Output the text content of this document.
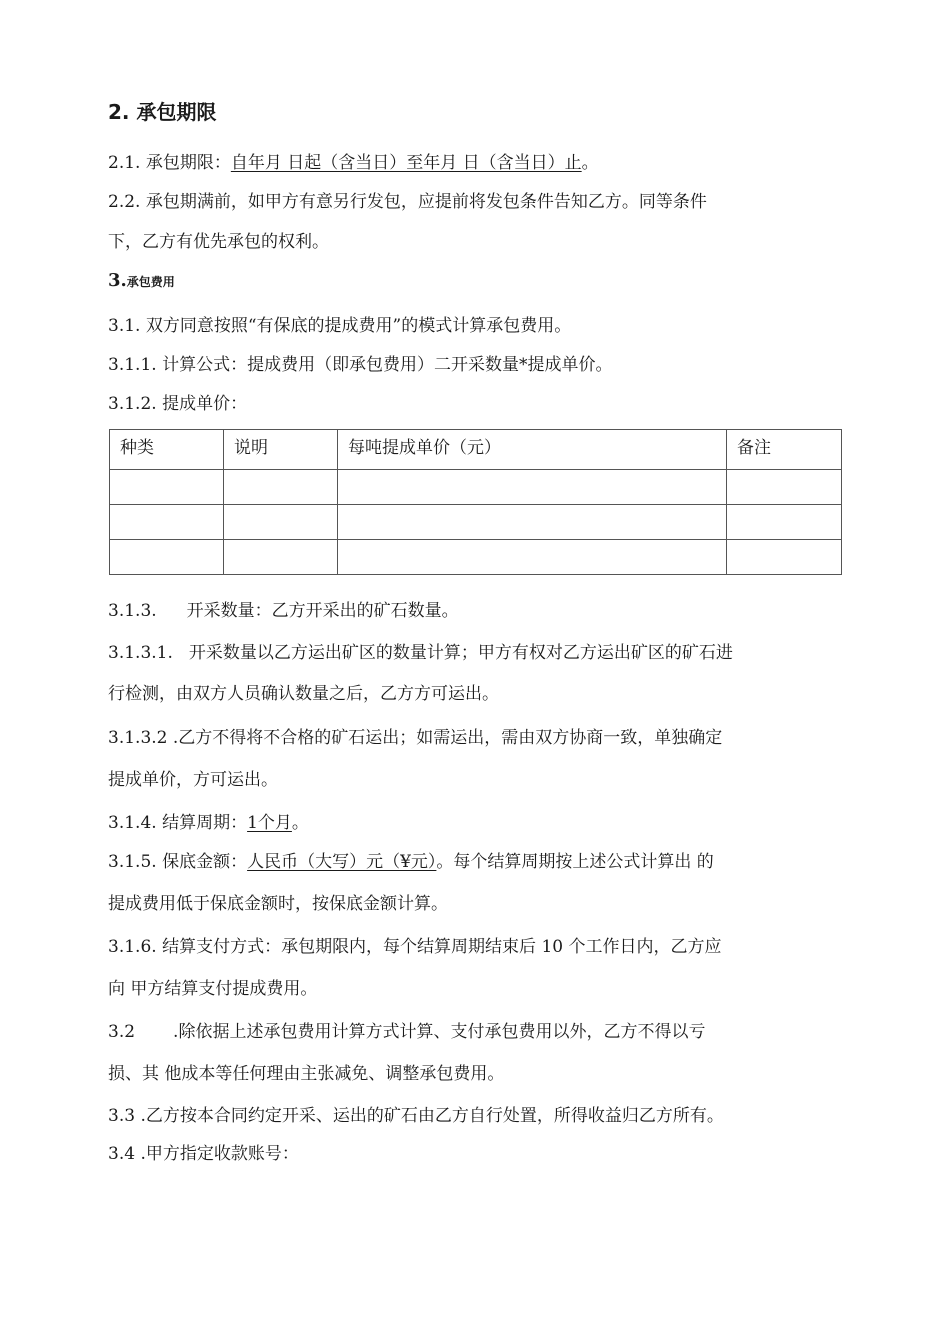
2. 承包期限
2.1. 承包期限：自年月 日起（含当日）至年月 日（含当日）止。
2.2. 承包期满前，如甲方有意另行发包，应提前将发包条件告知乙方。同等条件
下，乙方有优先承包的权利。
3.承包费用
3.1. 双方同意按照“有保底的提成费用”的模式计算承包费用。
3.1.1. 计算公式：提成费用（即承包费用）二开采数量*提成单价。
3.1.2. 提成单价：
种类	说明	每吨提成单价（元）	备注

3.1.3. 开采数量：乙方开采出的矿石数量。
3.1.3.1. 开采数量以乙方运出矿区的数量计算；甲方有权对乙方运出矿区的矿石进
行检测，由双方人员确认数量之后，乙方方可运出。
3.1.3.2 .乙方不得将不合格的矿石运出；如需运出，需由双方协商一致，单独确定
提成单价，方可运出。
3.1.4. 结算周期：1个月。
3.1.5. 保底金额：人民币（大写）元（¥元）。每个结算周期按上述公式计算出 的
提成费用低于保底金额时，按保底金额计算。
3.1.6. 结算支付方式：承包期限内，每个结算周期结束后 10 个工作日内，乙方应
向 甲方结算支付提成费用。
3.2 .除依据上述承包费用计算方式计算、支付承包费用以外，乙方不得以亏
损、其 他成本等任何理由主张减免、调整承包费用。
3.3 .乙方按本合同约定开采、运出的矿石由乙方自行处置，所得收益归乙方所有。
3.4 .甲方指定收款账号：
